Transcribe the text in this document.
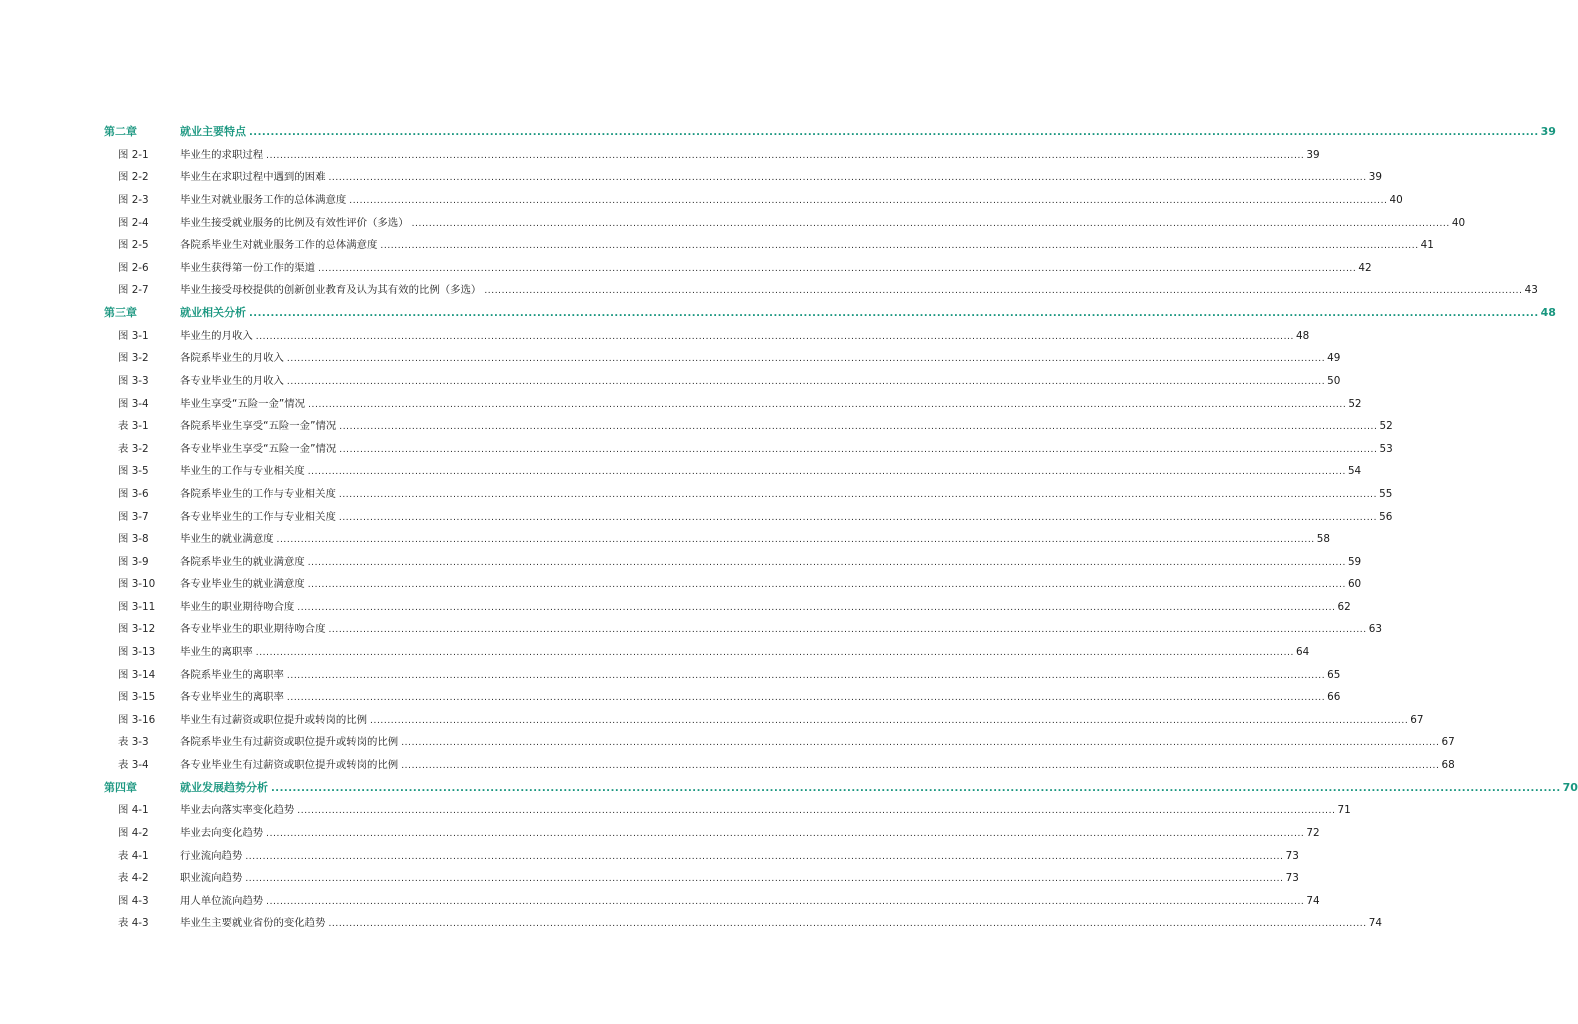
第二章	就业主要特点 ............................................................................................................................................................................................................................................................................................................ 39
图 2-1	毕业生的求职过程 ............................................................................................................................................................................................................................................................................................................ 39
图 2-2	毕业生在求职过程中遇到的困难 ............................................................................................................................................................................................................................................................................................................ 39
图 2-3	毕业生对就业服务工作的总体满意度 ............................................................................................................................................................................................................................................................................................................ 40
图 2-4	毕业生接受就业服务的比例及有效性评价（多选） ............................................................................................................................................................................................................................................................................................................ 40
图 2-5	各院系毕业生对就业服务工作的总体满意度 ............................................................................................................................................................................................................................................................................................................ 41
图 2-6	毕业生获得第一份工作的渠道 ............................................................................................................................................................................................................................................................................................................ 42
图 2-7	毕业生接受母校提供的创新创业教育及认为其有效的比例（多选） ............................................................................................................................................................................................................................................................................................................ 43
第三章	就业相关分析 ............................................................................................................................................................................................................................................................................................................ 48
图 3-1	毕业生的月收入 ............................................................................................................................................................................................................................................................................................................ 48
图 3-2	各院系毕业生的月收入 ............................................................................................................................................................................................................................................................................................................ 49
图 3-3	各专业毕业生的月收入 ............................................................................................................................................................................................................................................................................................................ 50
图 3-4	毕业生享受“五险一金”情况 ............................................................................................................................................................................................................................................................................................................ 52
表 3-1	各院系毕业生享受“五险一金”情况 ............................................................................................................................................................................................................................................................................................................ 52
表 3-2	各专业毕业生享受“五险一金”情况 ............................................................................................................................................................................................................................................................................................................ 53
图 3-5	毕业生的工作与专业相关度 ............................................................................................................................................................................................................................................................................................................ 54
图 3-6	各院系毕业生的工作与专业相关度 ............................................................................................................................................................................................................................................................................................................ 55
图 3-7	各专业毕业生的工作与专业相关度 ............................................................................................................................................................................................................................................................................................................ 56
图 3-8	毕业生的就业满意度 ............................................................................................................................................................................................................................................................................................................ 58
图 3-9	各院系毕业生的就业满意度 ............................................................................................................................................................................................................................................................................................................ 59
图 3-10	各专业毕业生的就业满意度 ............................................................................................................................................................................................................................................................................................................ 60
图 3-11	毕业生的职业期待吻合度 ............................................................................................................................................................................................................................................................................................................ 62
图 3-12	各专业毕业生的职业期待吻合度 ............................................................................................................................................................................................................................................................................................................ 63
图 3-13	毕业生的离职率 ............................................................................................................................................................................................................................................................................................................ 64
图 3-14	各院系毕业生的离职率 ............................................................................................................................................................................................................................................................................................................ 65
图 3-15	各专业毕业生的离职率 ............................................................................................................................................................................................................................................................................................................ 66
图 3-16	毕业生有过薪资或职位提升或转岗的比例 ............................................................................................................................................................................................................................................................................................................ 67
表 3-3	各院系毕业生有过薪资或职位提升或转岗的比例 ............................................................................................................................................................................................................................................................................................................ 67
表 3-4	各专业毕业生有过薪资或职位提升或转岗的比例 ............................................................................................................................................................................................................................................................................................................ 68
第四章	就业发展趋势分析 ............................................................................................................................................................................................................................................................................................................ 70
图 4-1	毕业去向落实率变化趋势 ............................................................................................................................................................................................................................................................................................................ 71
图 4-2	毕业去向变化趋势 ............................................................................................................................................................................................................................................................................................................ 72
表 4-1	行业流向趋势 ............................................................................................................................................................................................................................................................................................................ 73
表 4-2	职业流向趋势 ............................................................................................................................................................................................................................................................................................................ 73
图 4-3	用人单位流向趋势 ............................................................................................................................................................................................................................................................................................................ 74
表 4-3	毕业生主要就业省份的变化趋势 ............................................................................................................................................................................................................................................................................................................ 74
